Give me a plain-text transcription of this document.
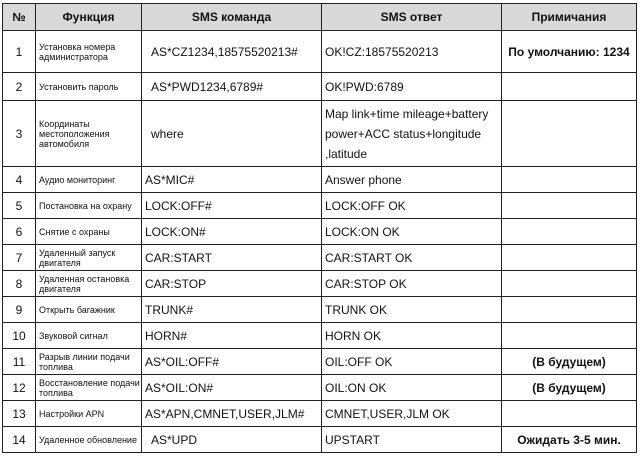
№	Функция	SMS команда	SMS ответ	Примичания
1	Установка номера администратора	AS*CZ1234,18575520213#	OK!CZ:18575520213	По умолчанию: 1234
2	Установить пароль	AS*PWD1234,6789#	OK!PWD:6789	
3	Координаты местоположения автомобиля	where	Map link+time mileage+battery power+ACC status+longitude ,latitude	
4	Аудио мониторинг	AS*MIC#	Answer phone	
5	Постановка на охрану	LOCK:OFF#	LOCK:OFF OK	
6	Снятие с охраны	LOCK:ON#	LOCK:ON OK	
7	Удаленный запуск двигателя	CAR:START	CAR:START OK	
8	Удаленная остановка двигателя	CAR:STOP	CAR:STOP OK	
9	Открыть багажник	TRUNK#	TRUNK OK	
10	Звуковой сигнал	HORN#	HORN OK	
11	Разрыв линии подачи топлива	AS*OIL:OFF#	OIL:OFF OK	(В будущем)
12	Восстановление подачи топлива	AS*OIL:ON#	OIL:ON OK	(В будущем)
13	Настройки APN	AS*APN,CMNET,USER,JLM#	CMNET,USER,JLM OK	
14	Удаленное обновление	AS*UPD	UPSTART	Ожидать 3-5 мин.
